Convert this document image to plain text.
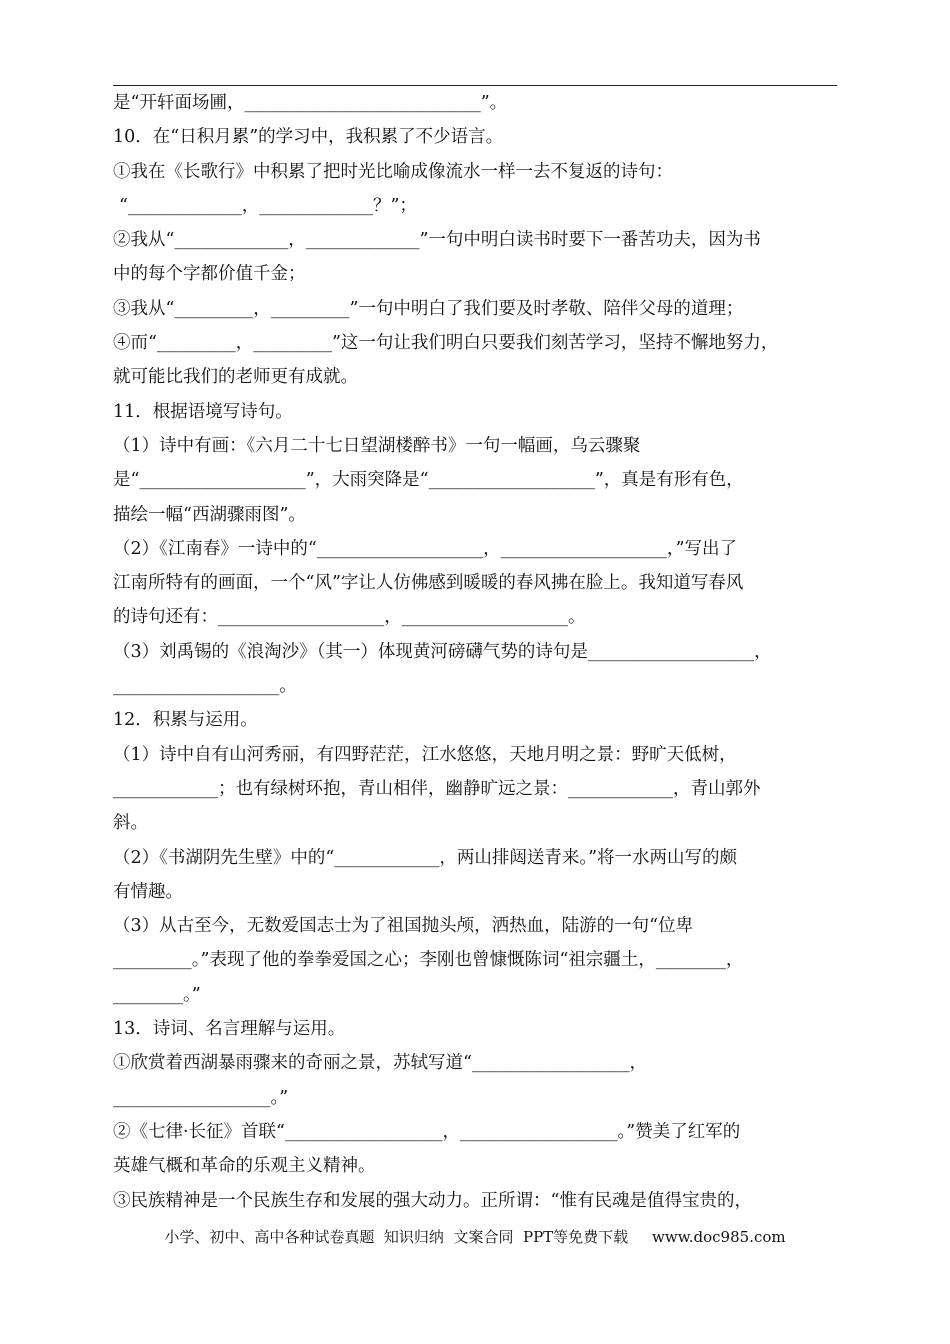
是“开轩面场圃，___________________________”。
10．在“日积月累”的学习中，我积累了不少语言。
①我在《长歌行》中积累了把时光比喻成像流水一样一去不复返的诗句：
“_____________，_____________？”；
②我从“_____________，_____________”一句中明白读书时要下一番苦功夫，因为书
中的每个字都价值千金；
③我从“_________，_________”一句中明白了我们要及时孝敬、陪伴父母的道理；
④而“_________，_________”这一句让我们明白只要我们刻苦学习，坚持不懈地努力，
就可能比我们的老师更有成就。
11．根据语境写诗句。
（1）诗中有画：《六月二十七日望湖楼醉书》一句一幅画，乌云骤聚
是“___________________”，大雨突降是“___________________”，真是有形有色，
描绘一幅“西湖骤雨图”。
（2）《江南春》一诗中的“___________________，___________________，”写出了
江南所特有的画面，一个“风”字让人仿佛感到暖暖的春风拂在脸上。我知道写春风
的诗句还有：___________________，___________________。
（3）刘禹锡的《浪淘沙》（其一）体现黄河磅礴气势的诗句是___________________，
___________________。
12．积累与运用。
（1）诗中自有山河秀丽，有四野茫茫，江水悠悠，天地月明之景：野旷天低树，
____________；也有绿树环抱，青山相伴，幽静旷远之景：____________，青山郭外
斜。
（2）《书湖阴先生壁》中的“____________，两山排闼送青来。”将一水两山写的颇
有情趣。
（3）从古至今，无数爱国志士为了祖国抛头颅，洒热血，陆游的一句“位卑
_________。”表现了他的拳拳爱国之心；李刚也曾慷慨陈词“祖宗疆土，________，
________。”
13．诗词、名言理解与运用。
①欣赏着西湖暴雨骤来的奇丽之景，苏轼写道“__________________，
__________________。”
②《七律·长征》首联“__________________，__________________。”赞美了红军的
英雄气概和革命的乐观主义精神。
③民族精神是一个民族生存和发展的强大动力。正所谓：“惟有民魂是值得宝贵的，
小学、初中、高中各种试卷真题  知识归纳  文案合同  PPT等免费下载     www.doc985.com
